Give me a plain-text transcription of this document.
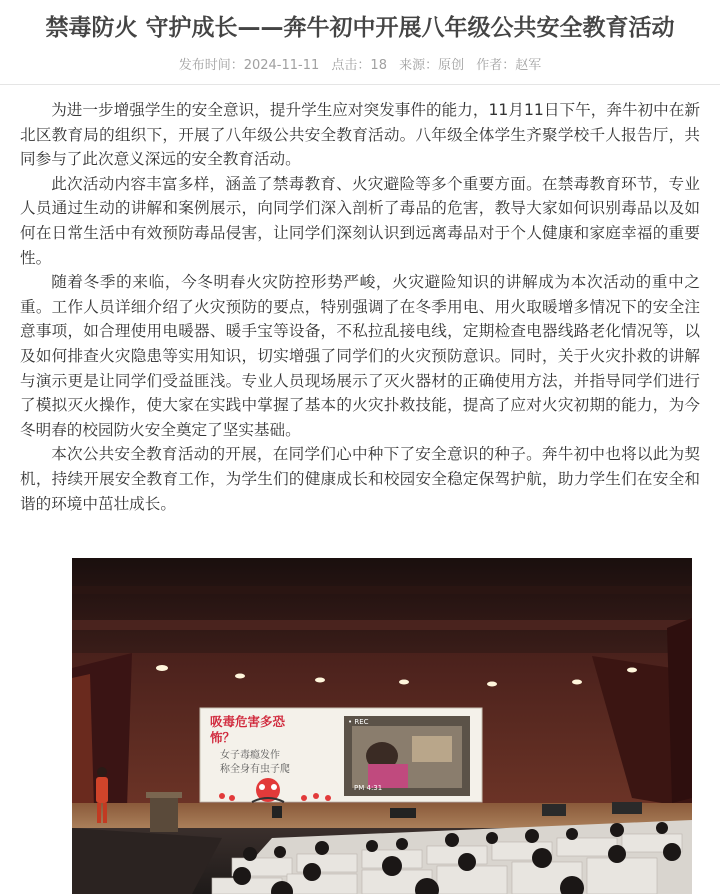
禁毒防火 守护成长——奔牛初中开展八年级公共安全教育活动
发布时间：2024-11-11 点击：18 来源：原创 作者：赵军

为进一步增强学生的安全意识，提升学生应对突发事件的能力，11月11日下午，奔牛初中在新北区教育局的组织下，开展了八年级公共安全教育活动。八年级全体学生齐聚学校千人报告厅，共同参与了此次意义深远的安全教育活动。

此次活动内容丰富多样，涵盖了禁毒教育、火灾避险等多个重要方面。在禁毒教育环节，专业人员通过生动的讲解和案例展示，向同学们深入剖析了毒品的危害，教导大家如何识别毒品以及如何在日常生活中有效预防毒品侵害，让同学们深刻认识到远离毒品对于个人健康和家庭幸福的重要性。

随着冬季的来临，今冬明春火灾防控形势严峻，火灾避险知识的讲解成为本次活动的重中之重。工作人员详细介绍了火灾预防的要点，特别强调了在冬季用电、用火取暖增多情况下的安全注意事项，如合理使用电暖器、暖手宝等设备，不私拉乱接电线，定期检查电器线路老化情况等，以及如何排查火灾隐患等实用知识，切实增强了同学们的火灾预防意识。同时，关于火灾扑救的讲解与演示更是让同学们受益匪浅。专业人员现场展示了灭火器材的正确使用方法，并指导同学们进行了模拟灭火操作，使大家在实践中掌握了基本的火灾扑救技能，提高了应对火灾初期的能力，为今冬明春的校园防火安全奠定了坚实基础。

本次公共安全教育活动的开展，在同学们心中种下了安全意识的种子。奔牛初中也将以此为契机，持续开展安全教育工作，为学生们的健康成长和校园安全稳定保驾护航，助力学生们在安全和谐的环境中茁壮成长。

吸毒危害多恐
怖？
女子毒瘾发作
称全身有虫子爬
• REC
PM 4:31
